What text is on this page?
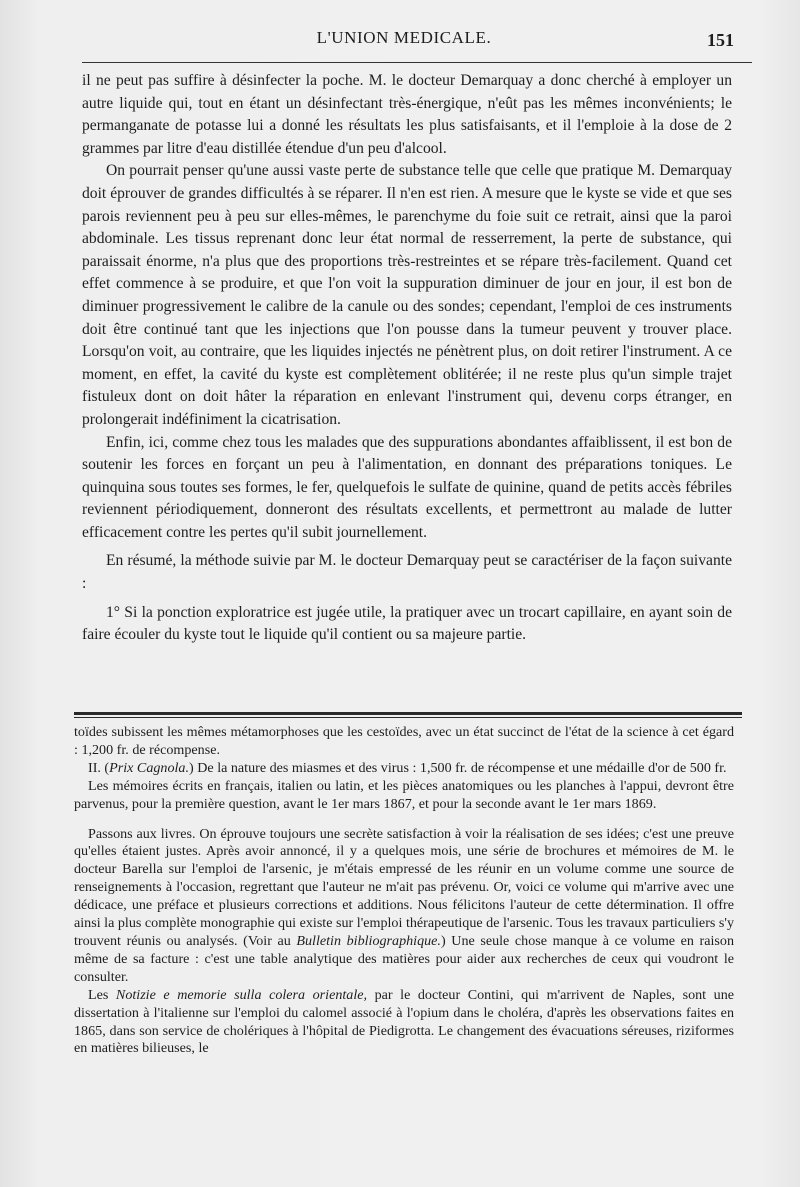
L'UNION MEDICALE.	151

il ne peut pas suffire à désinfecter la poche. M. le docteur Demarquay a donc cherché à employer un autre liquide qui, tout en étant un désinfectant très-énergique, n'eût pas les mêmes inconvénients; le permanganate de potasse lui a donné les résultats les plus satisfaisants, et il l'emploie à la dose de 2 grammes par litre d'eau distillée étendue d'un peu d'alcool.

On pourrait penser qu'une aussi vaste perte de substance telle que celle que pratique M. Demarquay doit éprouver de grandes difficultés à se réparer. Il n'en est rien. A mesure que le kyste se vide et que ses parois reviennent peu à peu sur elles-mêmes, le parenchyme du foie suit ce retrait, ainsi que la paroi abdominale. Les tissus reprenant donc leur état normal de resserrement, la perte de substance, qui paraissait énorme, n'a plus que des proportions très-restreintes et se répare très-facilement. Quand cet effet commence à se produire, et que l'on voit la suppuration diminuer de jour en jour, il est bon de diminuer progressivement le calibre de la canule ou des sondes; cependant, l'emploi de ces instruments doit être continué tant que les injections que l'on pousse dans la tumeur peuvent y trouver place. Lorsqu'on voit, au contraire, que les liquides injectés ne pénètrent plus, on doit retirer l'instrument. A ce moment, en effet, la cavité du kyste est complètement oblitérée; il ne reste plus qu'un simple trajet fistuleux dont on doit hâter la réparation en enlevant l'instrument qui, devenu corps étranger, en prolongerait indéfiniment la cicatrisation.

Enfin, ici, comme chez tous les malades que des suppurations abondantes affaiblissent, il est bon de soutenir les forces en forçant un peu à l'alimentation, en donnant des préparations toniques. Le quinquina sous toutes ses formes, le fer, quelquefois le sulfate de quinine, quand de petits accès fébriles reviennent périodiquement, donneront des résultats excellents, et permettront au malade de lutter efficacement contre les pertes qu'il subit journellement.

En résumé, la méthode suivie par M. le docteur Demarquay peut se caractériser de la façon suivante :

1° Si la ponction exploratrice est jugée utile, la pratiquer avec un trocart capillaire, en ayant soin de faire écouler du kyste tout le liquide qu'il contient ou sa majeure partie.

toïdes subissent les mêmes métamorphoses que les cestoïdes, avec un état succinct de l'état de la science à cet égard : 1,200 fr. de récompense.

II. (Prix Cagnola.) De la nature des miasmes et des virus : 1,500 fr. de récompense et une médaille d'or de 500 fr.

Les mémoires écrits en français, italien ou latin, et les pièces anatomiques ou les planches à l'appui, devront être parvenus, pour la première question, avant le 1er mars 1867, et pour la seconde avant le 1er mars 1869.

Passons aux livres. On éprouve toujours une secrète satisfaction à voir la réalisation de ses idées; c'est une preuve qu'elles étaient justes. Après avoir annoncé, il y a quelques mois, une série de brochures et mémoires de M. le docteur Barella sur l'emploi de l'arsenic, je m'étais empressé de les réunir en un volume comme une source de renseignements à l'occasion, regrettant que l'auteur ne m'ait pas prévenu. Or, voici ce volume qui m'arrive avec une dédicace, une préface et plusieurs corrections et additions. Nous félicitons l'auteur de cette détermination. Il offre ainsi la plus complète monographie qui existe sur l'emploi thérapeutique de l'arsenic. Tous les travaux particuliers s'y trouvent réunis ou analysés. (Voir au Bulletin bibliographique.) Une seule chose manque à ce volume en raison même de sa facture : c'est une table analytique des matières pour aider aux recherches de ceux qui voudront le consulter.

Les Notizie e memorie sulla colera orientale, par le docteur Contini, qui m'arrivent de Naples, sont une dissertation à l'italienne sur l'emploi du calomel associé à l'opium dans le choléra, d'après les observations faites en 1865, dans son service de cholériques à l'hôpital de Piedigrotta. Le changement des évacuations séreuses, riziformes en matières bilieuses, le
